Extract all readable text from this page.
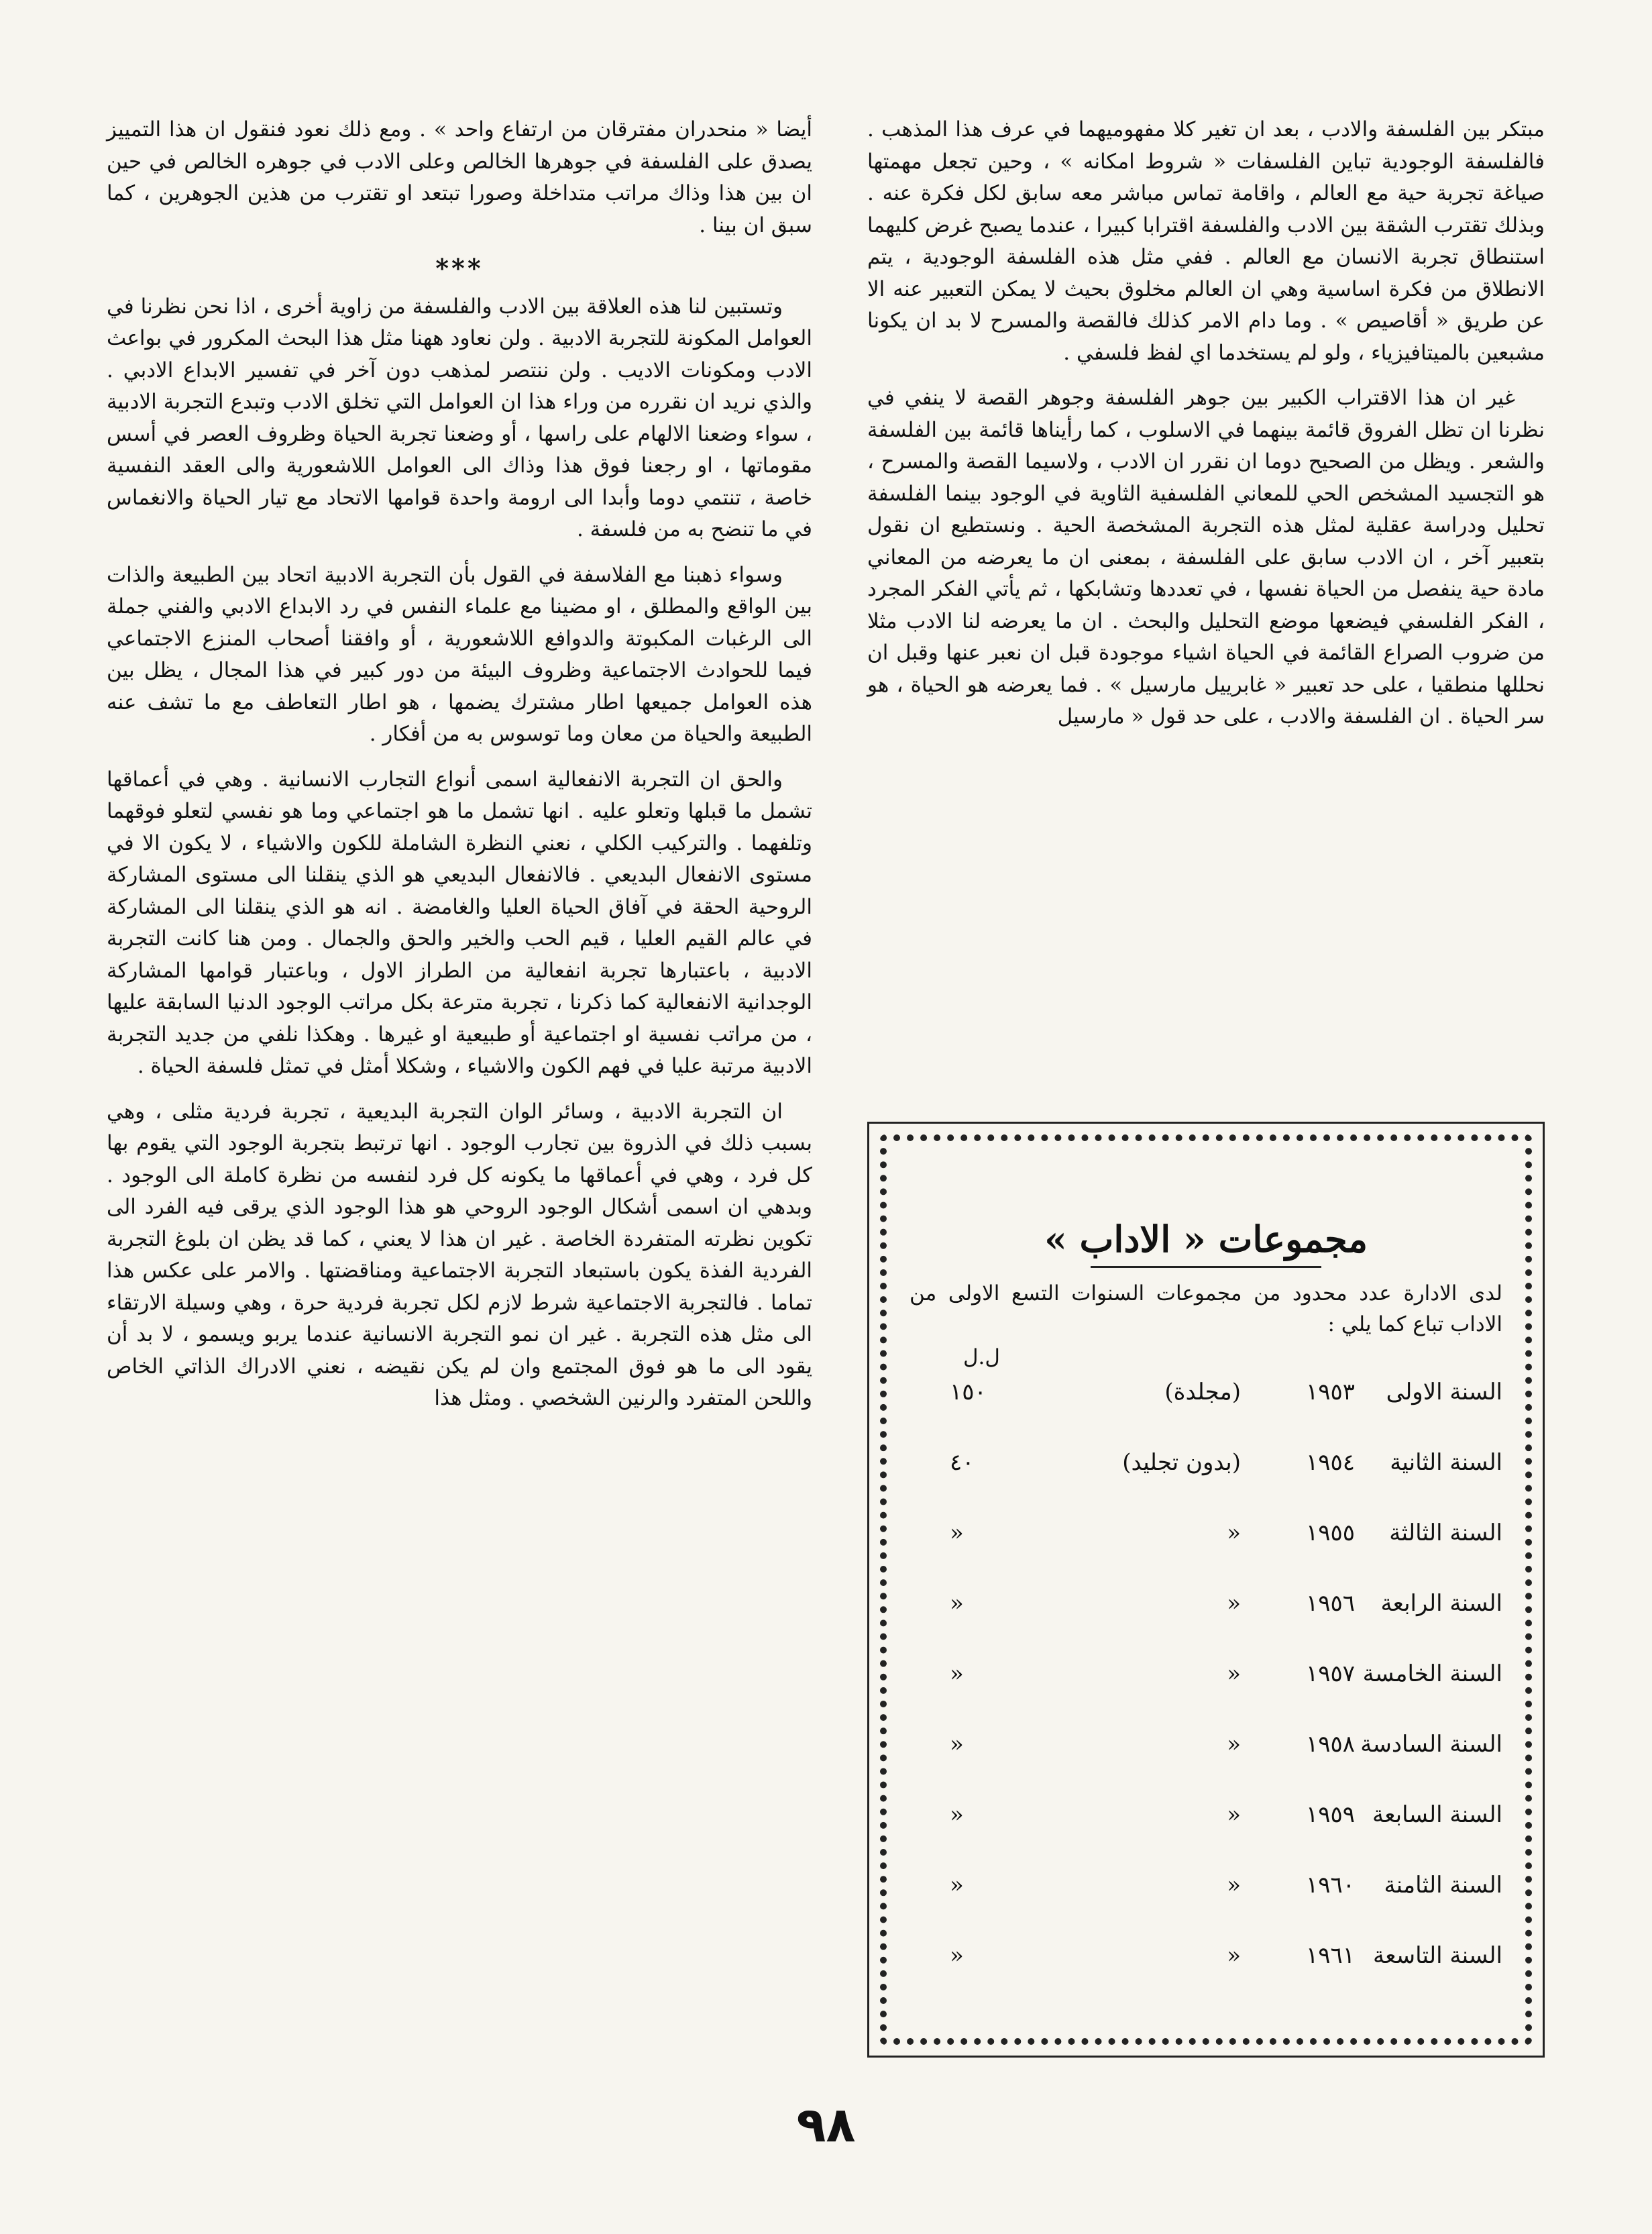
مبتكر بين الفلسفة والادب ، بعد ان تغير كلا مفهوميهما في عرف هذا المذهب . فالفلسفة الوجودية تباين الفلسفات « شروط امكانه » ، وحين تجعل مهمتها صياغة تجربة حية مع العالم ، واقامة تماس مباشر معه سابق لكل فكرة عنه . وبذلك تقترب الشقة بين الادب والفلسفة اقترابا كبيرا ، عندما يصبح غرض كليهما استنطاق تجربة الانسان مع العالم . ففي مثل هذه الفلسفة الوجودية ، يتم الانطلاق من فكرة اساسية وهي ان العالم مخلوق بحيث لا يمكن التعبير عنه الا عن طريق « أقاصيص » . وما دام الامر كذلك فالقصة والمسرح لا بد ان يكونا مشبعين بالميتافيزياء ، ولو لم يستخدما اي لفظ فلسفي .

غير ان هذا الاقتراب الكبير بين جوهر الفلسفة وجوهر القصة لا ينفي في نظرنا ان تظل الفروق قائمة بينهما في الاسلوب ، كما رأيناها قائمة بين الفلسفة والشعر . ويظل من الصحيح دوما ان نقرر ان الادب ، ولاسيما القصة والمسرح ، هو التجسيد المشخص الحي للمعاني الفلسفية الثاوية في الوجود بينما الفلسفة تحليل ودراسة عقلية لمثل هذه التجربة المشخصة الحية . ونستطيع ان نقول بتعبير آخر ، ان الادب سابق على الفلسفة ، بمعنى ان ما يعرضه من المعاني مادة حية ينفصل من الحياة نفسها ، في تعددها وتشابكها ، ثم يأتي الفكر المجرد ، الفكر الفلسفي فيضعها موضع التحليل والبحث . ان ما يعرضه لنا الادب مثلا من ضروب الصراع القائمة في الحياة اشياء موجودة قبل ان نعبر عنها وقبل ان نحللها منطقيا ، على حد تعبير « غابرييل مارسيل » . فما يعرضه هو الحياة ، هو سر الحياة . ان الفلسفة والادب ، على حد قول « مارسيل

أيضا « منحدران مفترقان من ارتفاع واحد » . ومع ذلك نعود فنقول ان هذا التمييز يصدق على الفلسفة في جوهرها الخالص وعلى الادب في جوهره الخالص في حين ان بين هذا وذاك مراتب متداخلة وصورا تبتعد او تقترب من هذين الجوهرين ، كما سبق ان بينا .

***

وتستبين لنا هذه العلاقة بين الادب والفلسفة من زاوية أخرى ، اذا نحن نظرنا في العوامل المكونة للتجربة الادبية . ولن نعاود ههنا مثل هذا البحث المكرور في بواعث الادب ومكونات الاديب . ولن ننتصر لمذهب دون آخر في تفسير الابداع الادبي . والذي نريد ان نقرره من وراء هذا ان العوامل التي تخلق الادب وتبدع التجربة الادبية ، سواء وضعنا الالهام على راسها ، أو وضعنا تجربة الحياة وظروف العصر في أسس مقوماتها ، او رجعنا فوق هذا وذاك الى العوامل اللاشعورية والى العقد النفسية خاصة ، تنتمي دوما وأبدا الى ارومة واحدة قوامها الاتحاد مع تيار الحياة والانغماس في ما تنضح به من فلسفة .

وسواء ذهبنا مع الفلاسفة في القول بأن التجربة الادبية اتحاد بين الطبيعة والذات بين الواقع والمطلق ، او مضينا مع علماء النفس في رد الابداع الادبي والفني جملة الى الرغبات المكبوتة والدوافع اللاشعورية ، أو وافقنا أصحاب المنزع الاجتماعي فيما للحوادث الاجتماعية وظروف البيئة من دور كبير في هذا المجال ، يظل بين هذه العوامل جميعها اطار مشترك يضمها ، هو اطار التعاطف مع ما تشف عنه الطبيعة والحياة من معان وما توسوس به من أفكار .

والحق ان التجربة الانفعالية اسمى أنواع التجارب الانسانية . وهي في أعماقها تشمل ما قبلها وتعلو عليه . انها تشمل ما هو اجتماعي وما هو نفسي لتعلو فوقهما وتلفهما . والتركيب الكلي ، نعني النظرة الشاملة للكون والاشياء ، لا يكون الا في مستوى الانفعال البديعي . فالانفعال البديعي هو الذي ينقلنا الى مستوى المشاركة الروحية الحقة في آفاق الحياة العليا والغامضة . انه هو الذي ينقلنا الى المشاركة في عالم القيم العليا ، قيم الحب والخير والحق والجمال . ومن هنا كانت التجربة الادبية ، باعتبارها تجربة انفعالية من الطراز الاول ، وباعتبار قوامها المشاركة الوجدانية الانفعالية كما ذكرنا ، تجربة مترعة بكل مراتب الوجود الدنيا السابقة عليها ، من مراتب نفسية او اجتماعية أو طبيعية او غيرها . وهكذا نلفي من جديد التجربة الادبية مرتبة عليا في فهم الكون والاشياء ، وشكلا أمثل في تمثل فلسفة الحياة .

ان التجربة الادبية ، وسائر الوان التجربة البديعية ، تجربة فردية مثلى ، وهي بسبب ذلك في الذروة بين تجارب الوجود . انها ترتبط بتجربة الوجود التي يقوم بها كل فرد ، وهي في أعماقها ما يكونه كل فرد لنفسه من نظرة كاملة الى الوجود . وبدهي ان اسمى أشكال الوجود الروحي هو هذا الوجود الذي يرقى فيه الفرد الى تكوين نظرته المتفردة الخاصة . غير ان هذا لا يعني ، كما قد يظن ان بلوغ التجربة الفردية الفذة يكون باستبعاد التجربة الاجتماعية ومناقضتها . والامر على عكس هذا تماما . فالتجربة الاجتماعية شرط لازم لكل تجربة فردية حرة ، وهي وسيلة الارتقاء الى مثل هذه التجربة . غير ان نمو التجربة الانسانية عندما يربو ويسمو ، لا بد أن يقود الى ما هو فوق المجتمع وان لم يكن نقيضه ، نعني الادراك الذاتي الخاص واللحن المتفرد والرنين الشخصي . ومثل هذا

مجموعات « الاداب »
لدى الادارة عدد محدود من مجموعات السنوات التسع الاولى من الاداب تباع كما يلي :
ل.ل
السنة الاولى
١٩٥٣
(مجلدة)
١٥٠
السنة الثانية
١٩٥٤
(بدون تجليد)
٤٠
السنة الثالثة
١٩٥٥
«
«
السنة الرابعة
١٩٥٦
«
«
السنة الخامسة
١٩٥٧
«
«
السنة السادسة
١٩٥٨
«
«
السنة السابعة
١٩٥٩
«
«
السنة الثامنة
١٩٦٠
«
«
السنة التاسعة
١٩٦١
«
«
٩٨
